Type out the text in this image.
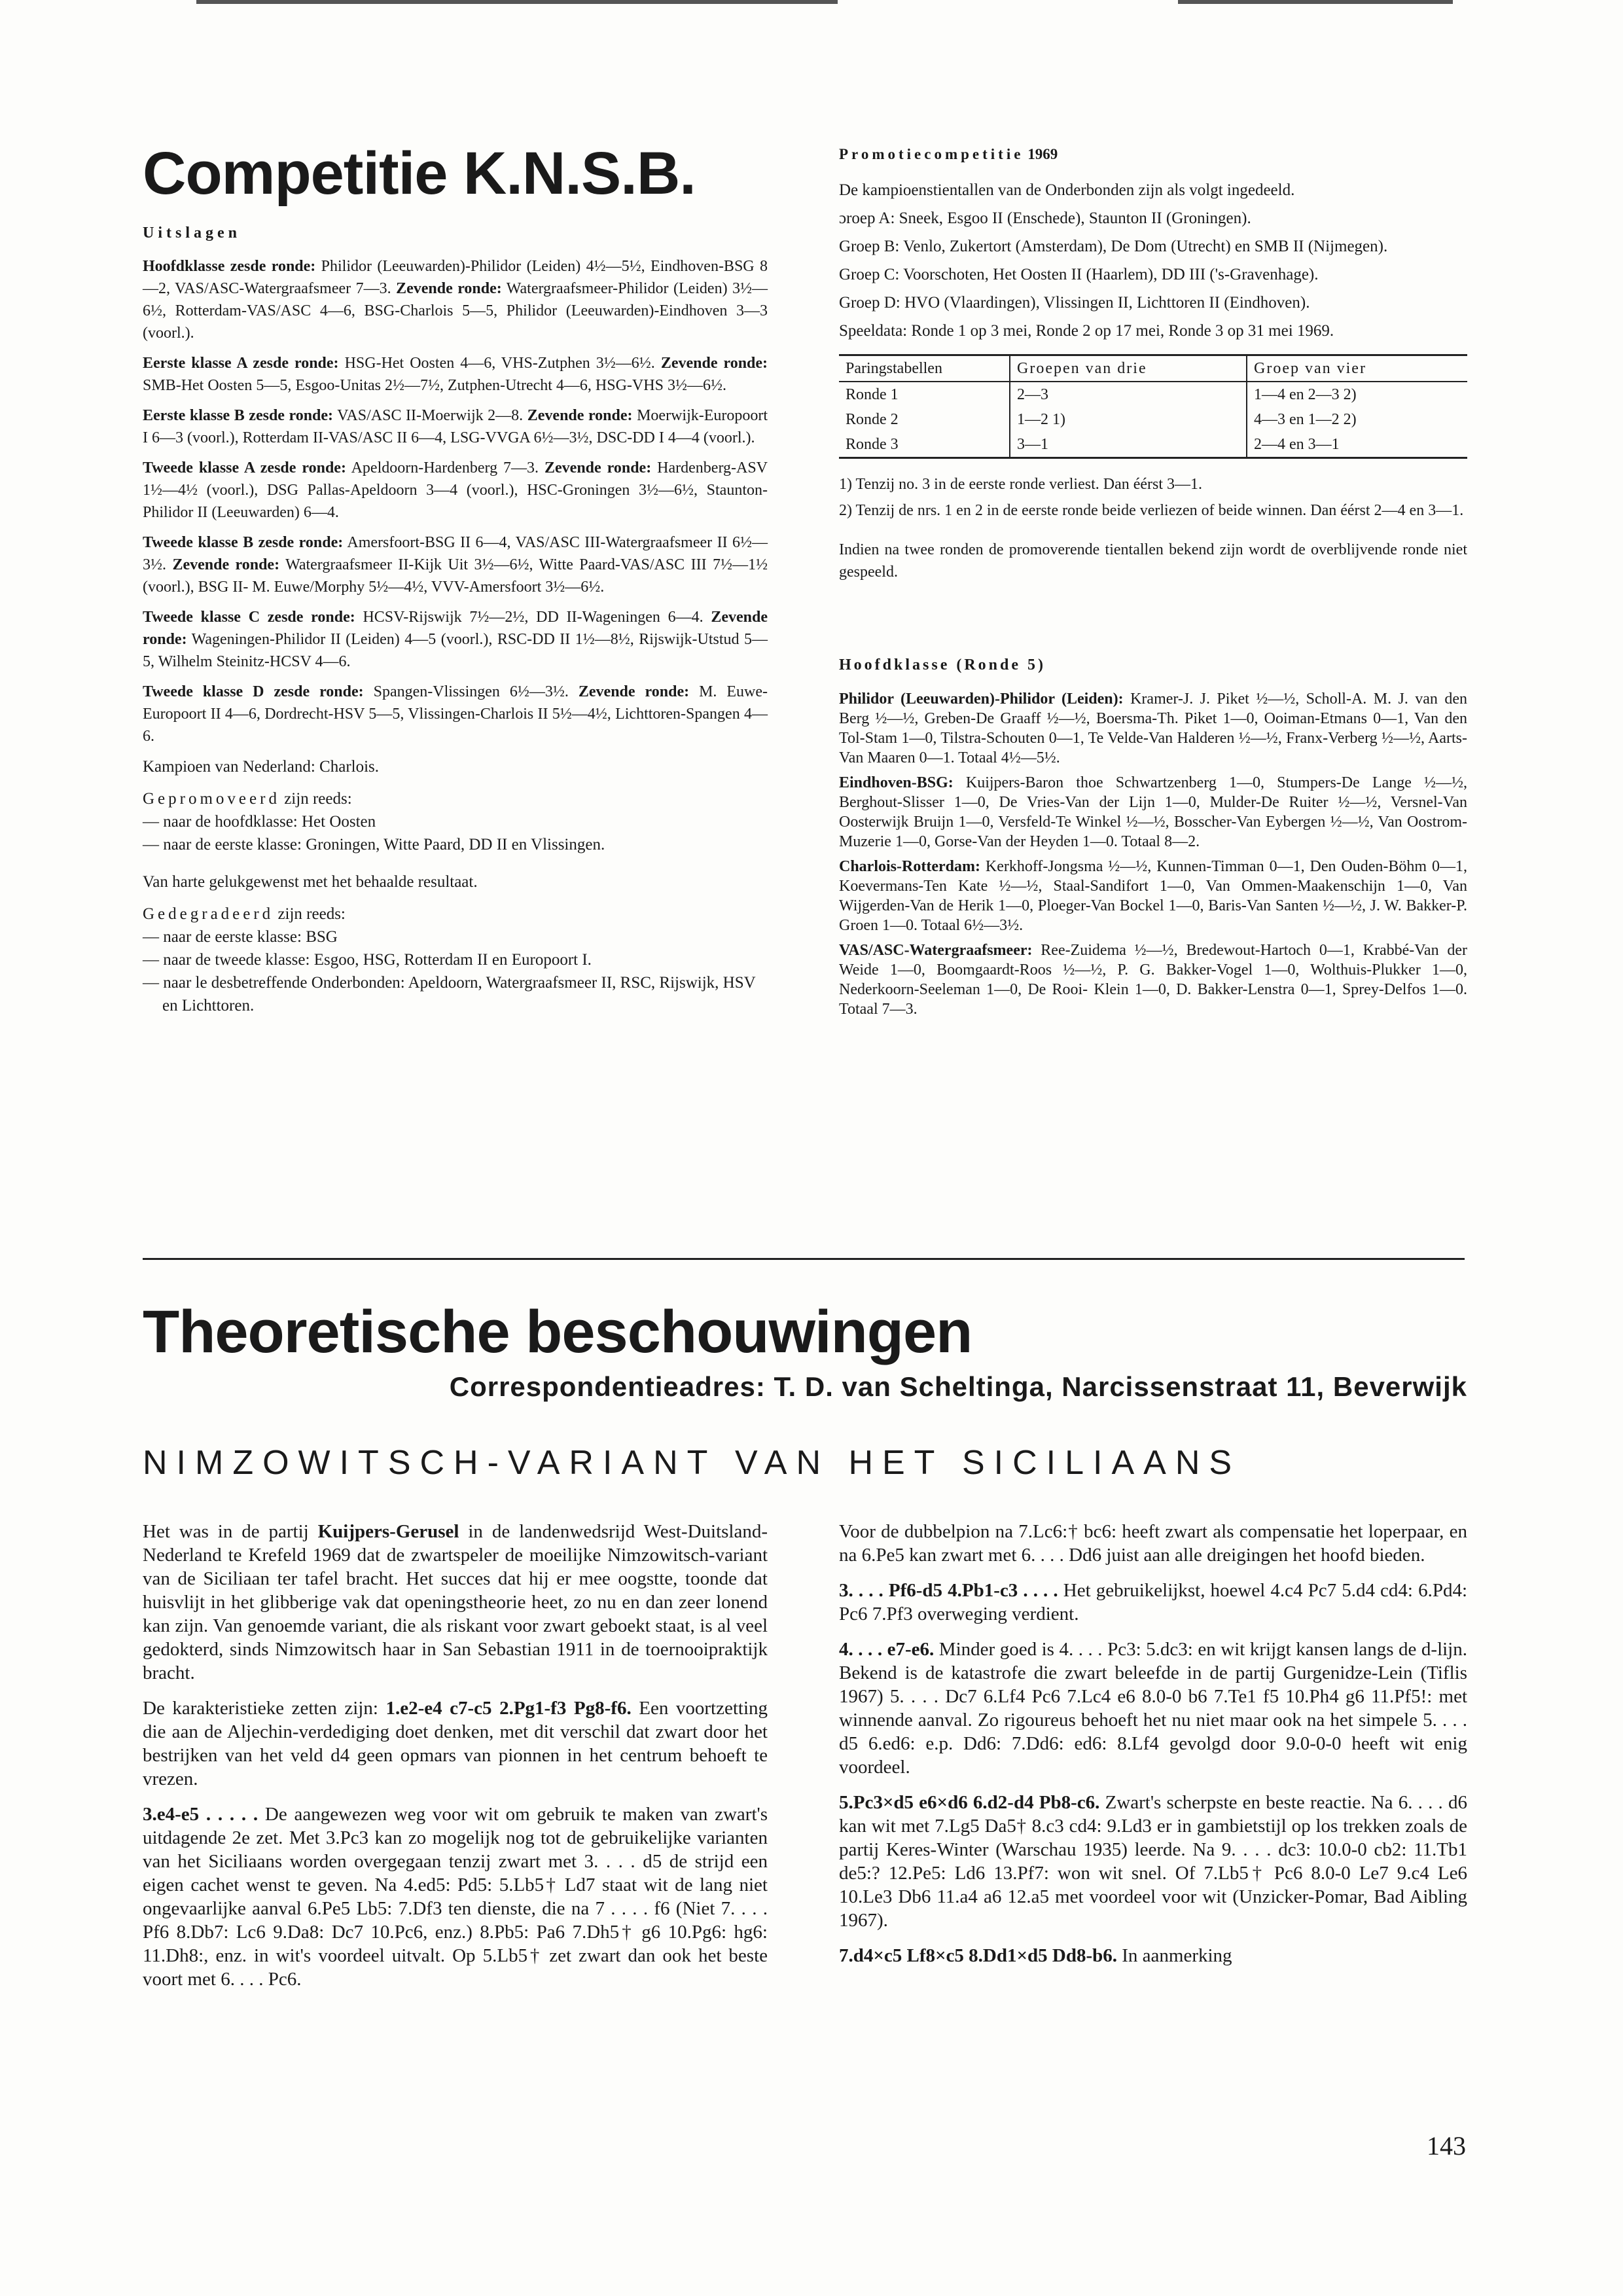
Competitie K.N.S.B.
Uitslagen

Hoofdklasse zesde ronde: Philidor (Leeuwarden)-Philidor (Leiden) 4½—5½, Eindhoven-BSG 8—2, VAS/ASC-Watergraafsmeer 7—3. Zevende ronde: Watergraafsmeer-Philidor (Leiden) 3½—6½, Rotterdam-VAS/ASC 4—6, BSG-Charlois 5—5, Philidor (Leeuwarden)-Eindhoven 3—3 (voorl.).

Eerste klasse A zesde ronde: HSG-Het Oosten 4—6, VHS-Zutphen 3½—6½. Zevende ronde: SMB-Het Oosten 5—5, Esgoo-Unitas 2½—7½, Zutphen-Utrecht 4—6, HSG-VHS 3½—6½.

Eerste klasse B zesde ronde: VAS/ASC II-Moerwijk 2—8. Zevende ronde: Moerwijk-Europoort I 6—3 (voorl.), Rotterdam II-VAS/ASC II 6—4, LSG-VVGA 6½—3½, DSC-DD I 4—4 (voorl.).

Tweede klasse A zesde ronde: Apeldoorn-Hardenberg 7—3. Zevende ronde: Hardenberg-ASV 1½—4½ (voorl.), DSG Pallas-Apeldoorn 3—4 (voorl.), HSC-Groningen 3½—6½, Staunton-Philidor II (Leeuwarden) 6—4.

Tweede klasse B zesde ronde: Amersfoort-BSG II 6—4, VAS/ASC III-Watergraafsmeer II 6½—3½. Zevende ronde: Watergraafsmeer II-Kijk Uit 3½—6½, Witte Paard-VAS/ASC III 7½—1½ (voorl.), BSG II- M. Euwe/Morphy 5½—4½, VVV-Amersfoort 3½—6½.

Tweede klasse C zesde ronde: HCSV-Rijswijk 7½—2½, DD II-Wageningen 6—4. Zevende ronde: Wageningen-Philidor II (Leiden) 4—5 (voorl.), RSC-DD II 1½—8½, Rijswijk-Utstud 5—5, Wilhelm Steinitz-HCSV 4—6.

Tweede klasse D zesde ronde: Spangen-Vlissingen 6½—3½. Zevende ronde: M. Euwe-Europoort II 4—6, Dordrecht-HSV 5—5, Vlissingen-Charlois II 5½—4½, Lichttoren-Spangen 4—6.

Kampioen van Nederland: Charlois.

Gepromoveerd zijn reeds:

— naar de hoofdklasse: Het Oosten
— naar de eerste klasse: Groningen, Witte Paard, DD II en Vlissingen.

Van harte gelukgewenst met het behaalde resultaat.

Gedegradeerd zijn reeds:

— naar de eerste klasse: BSG
— naar de tweede klasse: Esgoo, HSG, Rotterdam II en Europoort I.
— naar le desbetreffende Onderbonden: Apeldoorn, Watergraafsmeer II, RSC, Rijswijk, HSV en Lichttoren.

Promotiecompetitie 1969

De kampioenstientallen van de Onderbonden zijn als volgt ingedeeld.

ɔroep A: Sneek, Esgoo II (Enschede), Staunton II (Groningen).

Groep B: Venlo, Zukertort (Amsterdam), De Dom (Utrecht) en SMB II (Nijmegen).

Groep C: Voorschoten, Het Oosten II (Haarlem), DD III ('s-Gravenhage).

Groep D: HVO (Vlaardingen), Vlissingen II, Lichttoren II (Eindhoven).

Speeldata: Ronde 1 op 3 mei, Ronde 2 op 17 mei, Ronde 3 op 31 mei 1969.

Paringstabellen	Groepen van drie	Groep van vier
Ronde 1	2—3	1—4 en 2—3 2)
Ronde 2	1—2 1)	4—3 en 1—2 2)
Ronde 3	3—1	2—4 en 3—1

1) Tenzij no. 3 in de eerste ronde verliest. Dan éérst 3—1.

2) Tenzij de nrs. 1 en 2 in de eerste ronde beide verliezen of beide winnen. Dan éérst 2—4 en 3—1.

Indien na twee ronden de promoverende tientallen bekend zijn wordt de overblijvende ronde niet gespeeld.

Hoofdklasse (Ronde 5)

Philidor (Leeuwarden)-Philidor (Leiden): Kramer-J. J. Piket ½—½, Scholl-A. M. J. van den Berg ½—½, Greben-De Graaff ½—½, Boersma-Th. Piket 1—0, Ooiman-Etmans 0—1, Van den Tol-Stam 1—0, Tilstra-Schouten 0—1, Te Velde-Van Halderen ½—½, Franx-Verberg ½—½, Aarts-Van Maaren 0—1. Totaal 4½—5½.

Eindhoven-BSG: Kuijpers-Baron thoe Schwartzenberg 1—0, Stumpers-De Lange ½—½, Berghout-Slisser 1—0, De Vries-Van der Lijn 1—0, Mulder-De Ruiter ½—½, Versnel-Van Oosterwijk Bruijn 1—0, Versfeld-Te Winkel ½—½, Bosscher-Van Eybergen ½—½, Van Oostrom-Muzerie 1—0, Gorse-Van der Heyden 1—0. Totaal 8—2.

Charlois-Rotterdam: Kerkhoff-Jongsma ½—½, Kunnen-Timman 0—1, Den Ouden-Böhm 0—1, Koevermans-Ten Kate ½—½, Staal-Sandifort 1—0, Van Ommen-Maakenschijn 1—0, Van Wijgerden-Van de Herik 1—0, Ploeger-Van Bockel 1—0, Baris-Van Santen ½—½, J. W. Bakker-P. Groen 1—0. Totaal 6½—3½.

VAS/ASC-Watergraafsmeer: Ree-Zuidema ½—½, Bredewout-Hartoch 0—1, Krabbé-Van der Weide 1—0, Boomgaardt-Roos ½—½, P. G. Bakker-Vogel 1—0, Wolthuis-Plukker 1—0, Nederkoorn-Seeleman 1—0, De Rooi- Klein 1—0, D. Bakker-Lenstra 0—1, Sprey-Delfos 1—0. Totaal 7—3.

Theoretische beschouwingen
Correspondentieadres: T. D. van Scheltinga, Narcissenstraat 11, Beverwijk
NIMZOWITSCH-VARIANT VAN HET SICILIAANS

Het was in de partij Kuijpers-Gerusel in de landenwedsrijd West-Duitsland-Nederland te Krefeld 1969 dat de zwartspeler de moeilijke Nimzowitsch-variant van de Siciliaan ter tafel bracht. Het succes dat hij er mee oogstte, toonde dat huisvlijt in het glibberige vak dat openingstheorie heet, zo nu en dan zeer lonend kan zijn. Van genoemde variant, die als riskant voor zwart geboekt staat, is al veel gedokterd, sinds Nimzowitsch haar in San Sebastian 1911 in de toernooipraktijk bracht.

De karakteristieke zetten zijn: 1.e2-e4 c7-c5 2.Pg1-f3 Pg8-f6. Een voortzetting die aan de Aljechin-verdediging doet denken, met dit verschil dat zwart door het bestrijken van het veld d4 geen opmars van pionnen in het centrum behoeft te vrezen.

3.e4-e5 . . . . . De aangewezen weg voor wit om gebruik te maken van zwart's uitdagende 2e zet. Met 3.Pc3 kan zo mogelijk nog tot de gebruikelijke varianten van het Siciliaans worden overgegaan tenzij zwart met 3. . . . d5 de strijd een eigen cachet wenst te geven. Na 4.ed5: Pd5: 5.Lb5† Ld7 staat wit de lang niet ongevaarlijke aanval 6.Pe5 Lb5: 7.Df3 ten dienste, die na 7 . . . . f6 (Niet 7. . . . Pf6 8.Db7: Lc6 9.Da8: Dc7 10.Pc6, enz.) 8.Pb5: Pa6 7.Dh5† g6 10.Pg6: hg6: 11.Dh8:, enz. in wit's voordeel uitvalt. Op 5.Lb5† zet zwart dan ook het beste voort met 6. . . . Pc6.

Voor de dubbelpion na 7.Lc6:† bc6: heeft zwart als compensatie het loperpaar, en na 6.Pe5 kan zwart met 6. . . . Dd6 juist aan alle dreigingen het hoofd bieden.

3. . . . Pf6-d5 4.Pb1-c3 . . . . Het gebruikelijkst, hoewel 4.c4 Pc7 5.d4 cd4: 6.Pd4: Pc6 7.Pf3 overweging verdient.

4. . . . e7-e6. Minder goed is 4. . . . Pc3: 5.dc3: en wit krijgt kansen langs de d-lijn. Bekend is de katastrofe die zwart beleefde in de partij Gurgenidze-Lein (Tiflis 1967) 5. . . . Dc7 6.Lf4 Pc6 7.Lc4 e6 8.0-0 b6 7.Te1 f5 10.Ph4 g6 11.Pf5!: met winnende aanval. Zo rigoureus behoeft het nu niet maar ook na het simpele 5. . . . d5 6.ed6: e.p. Dd6: 7.Dd6: ed6: 8.Lf4 gevolgd door 9.0-0-0 heeft wit enig voordeel.

5.Pc3×d5 e6×d6 6.d2-d4 Pb8-c6. Zwart's scherpste en beste reactie. Na 6. . . . d6 kan wit met 7.Lg5 Da5† 8.c3 cd4: 9.Ld3 er in gambietstijl op los trekken zoals de partij Keres-Winter (Warschau 1935) leerde. Na 9. . . . dc3: 10.0-0 cb2: 11.Tb1 de5:? 12.Pe5: Ld6 13.Pf7: won wit snel. Of 7.Lb5† Pc6 8.0-0 Le7 9.c4 Le6 10.Le3 Db6 11.a4 a6 12.a5 met voordeel voor wit (Unzicker-Pomar, Bad Aibling 1967).

7.d4×c5 Lf8×c5 8.Dd1×d5 Dd8-b6. In aanmerking

143
